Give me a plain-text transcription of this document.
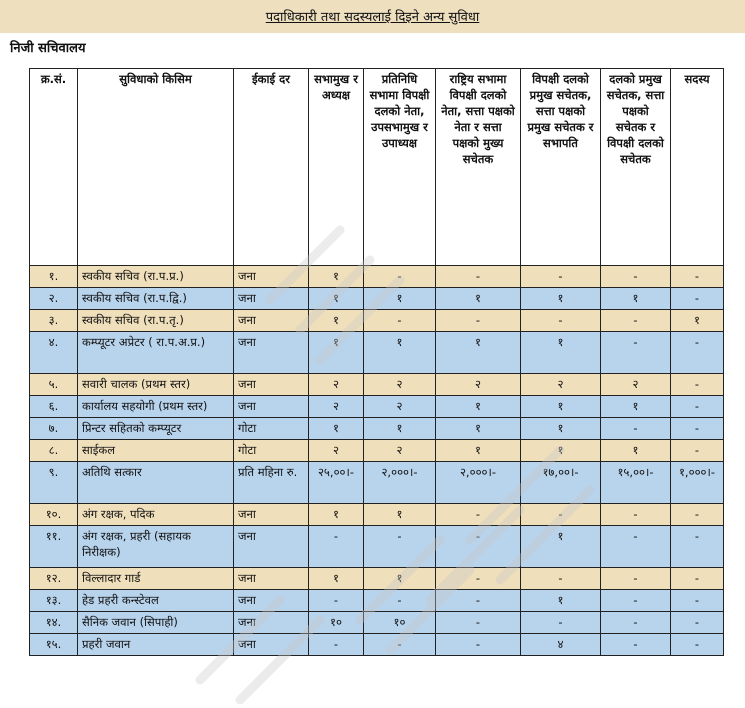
पदाधिकारी तथा सदस्यलाई दिइने अन्य सुविधा
निजी सचिवालय
क्र.सं.	सुविधाको किसिम	ईकाई दर	सभामुख र अध्यक्ष	प्रतिनिधि सभामा विपक्षी दलको नेता, उपसभामुख र उपाध्यक्ष	राष्ट्रिय सभामा विपक्षी दलको नेता, सत्ता पक्षको नेता र सत्ता पक्षको मुख्य सचेतक	विपक्षी दलको प्रमुख सचेतक, सत्ता पक्षको प्रमुख सचेतक र सभापति	दलको प्रमुख सचेतक, सत्ता पक्षको सचेतक र विपक्षी दलको सचेतक	सदस्य
१.	स्वकीय सचिव (रा.प.प्र.)	जना	१	-	-	-	-	-
२.	स्वकीय सचिव (रा.प.द्वि.)	जना	१	१	१	१	१	-
३.	स्वकीय सचिव (रा.प.तृ.)	जना	१	-	-	-	-	१
४.	कम्प्यूटर अप्रेटर ( रा.प.अ.प्र.)	जना	१	१	१	१	-	-
५.	सवारी चालक (प्रथम स्तर)	जना	२	२	२	२	२	-
६.	कार्यालय सहयोगी (प्रथम स्तर)	जना	२	२	१	१	१	-
७.	प्रिन्टर सहितको कम्प्यूटर	गोटा	१	१	१	१	-	-
८.	साईकल	गोटा	२	२	१	१	१	-
९.	अतिथि सत्कार	प्रति महिना रु.	२५,००।-	२,०००।-	२,०००।-	१७,००।-	१५,००।-	१,०००।-
१०.	अंग रक्षक, पदिक	जना	१	१	-	-	-	-
११.	अंग रक्षक, प्रहरी (सहायक निरीक्षक)	जना	-	-	-	१	-	-
१२.	विल्लादार गार्ड	जना	१	१	-	-	-	-
१३.	हेड प्रहरी कन्स्टेवल	जना	-	-	-	१	-	-
१४.	सैनिक जवान (सिपाही)	जना	१०	१०	-	-	-	-
१५.	प्रहरी जवान	जना	-	-	-	४	-	-
